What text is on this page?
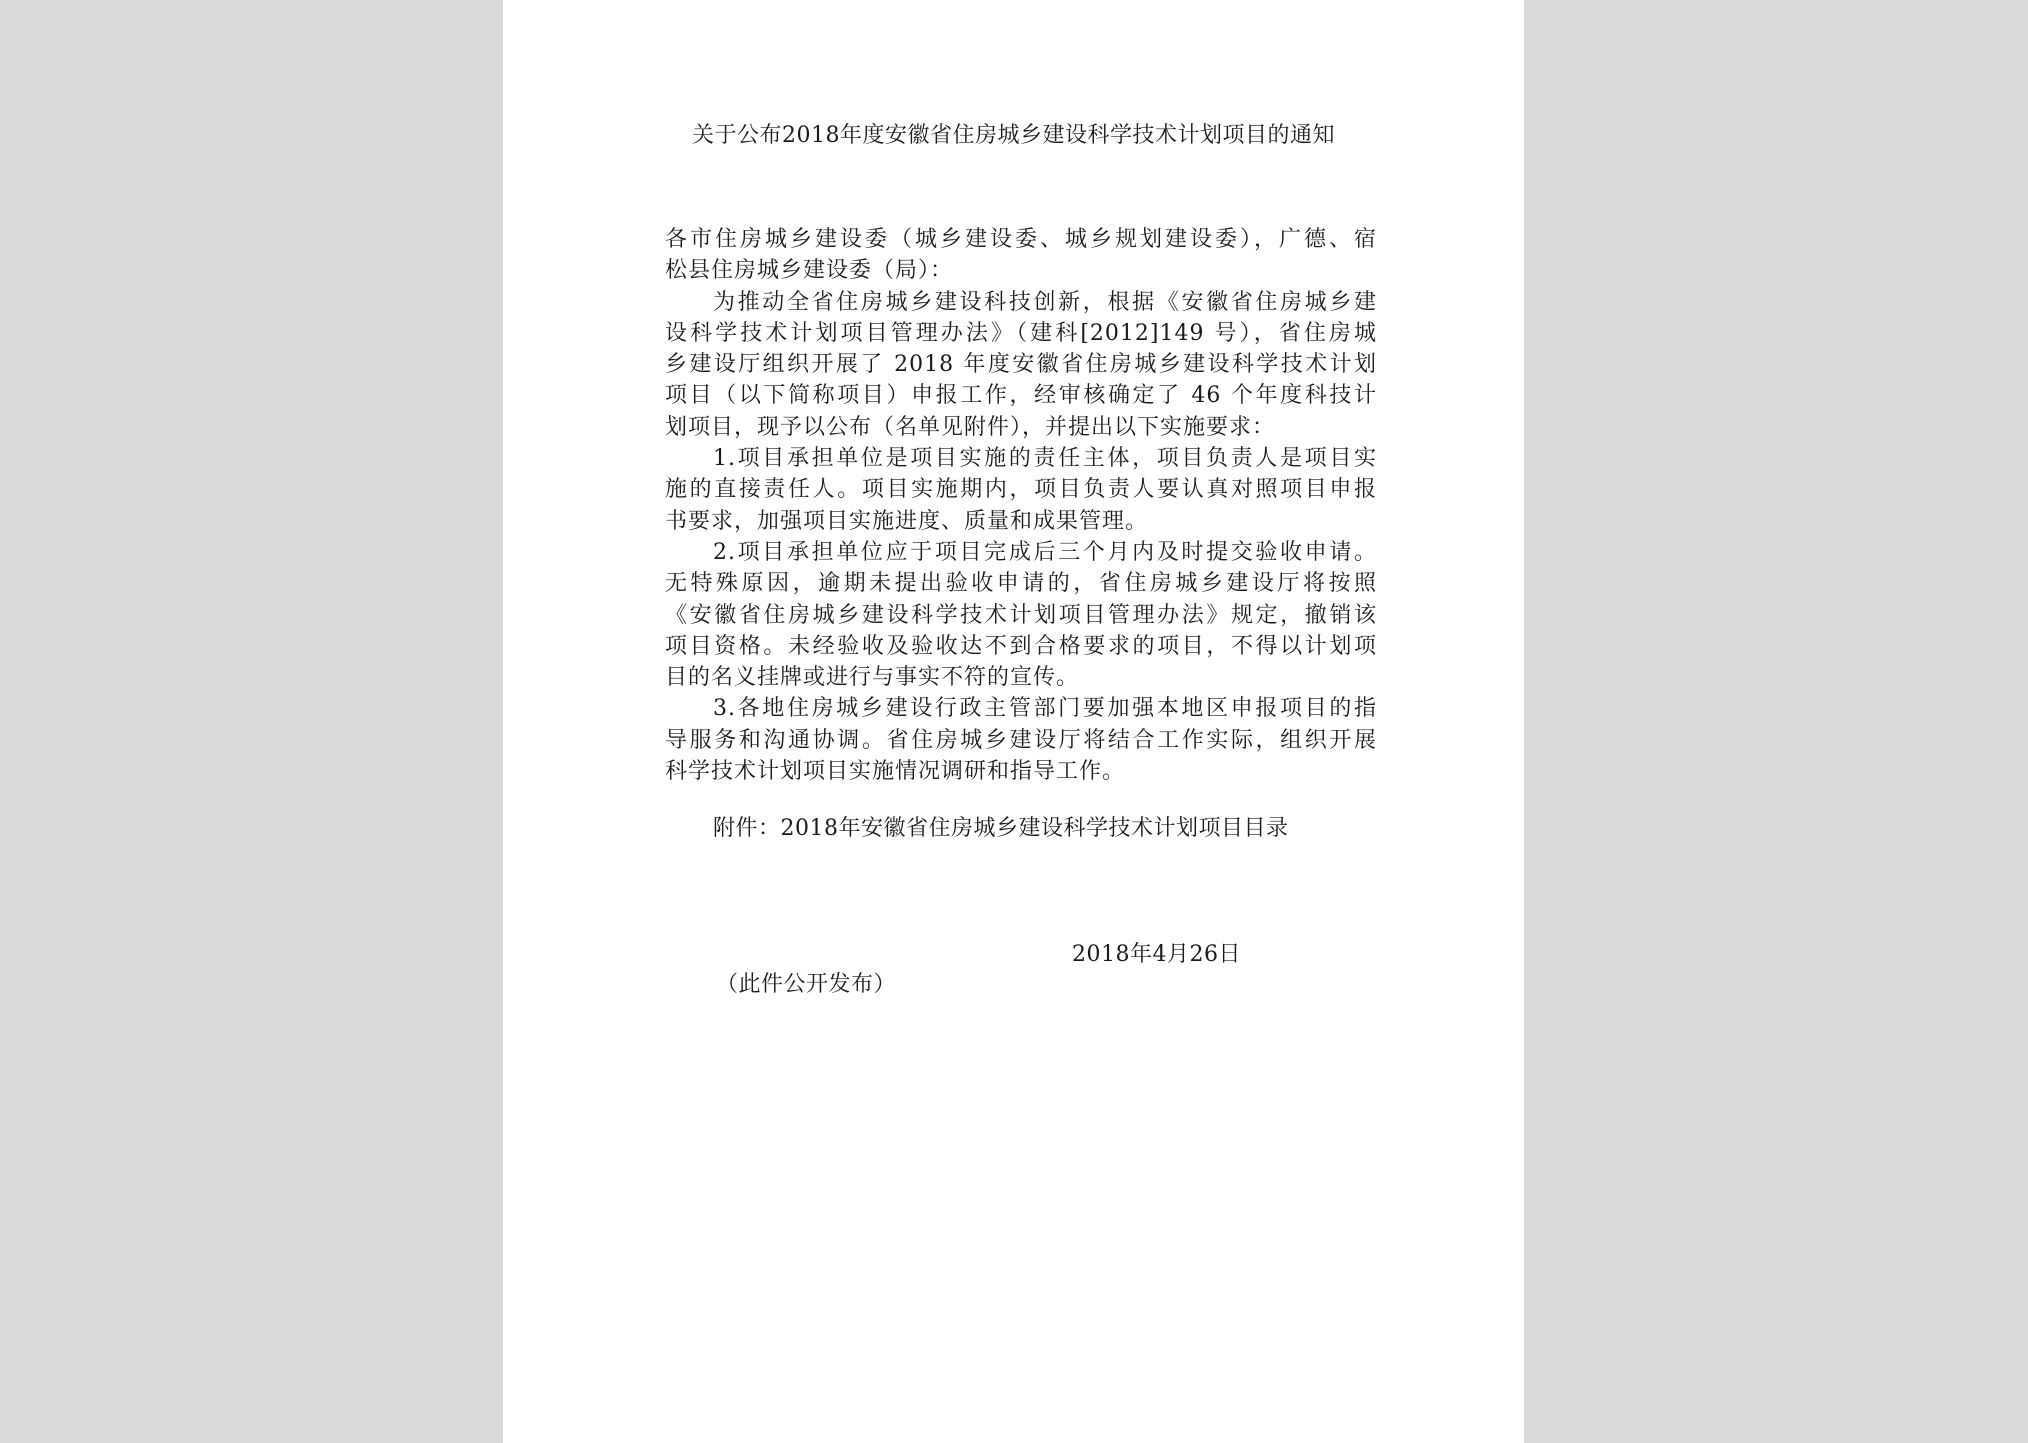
关于公布2018年度安徽省住房城乡建设科学技术计划项目的通知
各市住房城乡建设委（城乡建设委、城乡规划建设委），广德、宿
松县住房城乡建设委（局）：
为推动全省住房城乡建设科技创新，根据《安徽省住房城乡建
设科学技术计划项目管理办法》（建科[2012]149 号），省住房城
乡建设厅组织开展了 2018 年度安徽省住房城乡建设科学技术计划
项目（以下简称项目）申报工作，经审核确定了 46 个年度科技计
划项目，现予以公布（名单见附件），并提出以下实施要求：
1.项目承担单位是项目实施的责任主体，项目负责人是项目实
施的直接责任人。项目实施期内，项目负责人要认真对照项目申报
书要求，加强项目实施进度、质量和成果管理。
2.项目承担单位应于项目完成后三个月内及时提交验收申请。
无特殊原因，逾期未提出验收申请的，省住房城乡建设厅将按照
《安徽省住房城乡建设科学技术计划项目管理办法》规定，撤销该
项目资格。未经验收及验收达不到合格要求的项目，不得以计划项
目的名义挂牌或进行与事实不符的宣传。
3.各地住房城乡建设行政主管部门要加强本地区申报项目的指
导服务和沟通协调。省住房城乡建设厅将结合工作实际，组织开展
科学技术计划项目实施情况调研和指导工作。
附件：2018年安徽省住房城乡建设科学技术计划项目目录
2018年4月26日
（此件公开发布）
